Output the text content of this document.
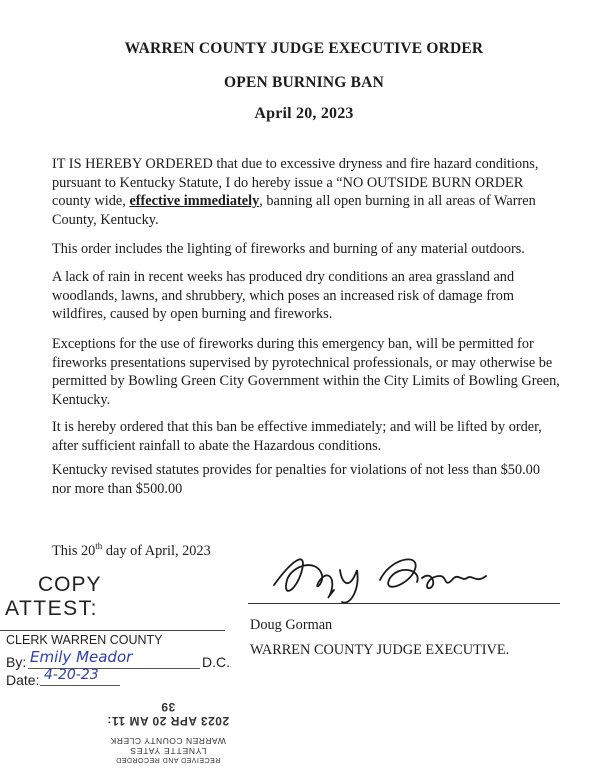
WARREN COUNTY JUDGE EXECUTIVE ORDER
OPEN BURNING BAN
April 20, 2023
IT IS HEREBY ORDERED that due to excessive dryness and fire hazard conditions, pursuant to Kentucky Statute, I do hereby issue a “NO OUTSIDE BURN ORDER county wide, effective immediately, banning all open burning in all areas of Warren County, Kentucky.
This order includes the lighting of fireworks and burning of any material outdoors.
A lack of rain in recent weeks has produced dry conditions an area grassland and woodlands, lawns, and shrubbery, which poses an increased risk of damage from wildfires, caused by open burning and fireworks.
Exceptions for the use of fireworks during this emergency ban, will be permitted for fireworks presentations supervised by pyrotechnical professionals, or may otherwise be permitted by Bowling Green City Government within the City Limits of Bowling Green, Kentucky.
It is hereby ordered that this ban be effective immediately; and will be lifted by order, after sufficient rainfall to abate the Hazardous conditions.
Kentucky revised statutes provides for penalties for violations of not less than $50.00 nor more than $500.00
This 20th day of April, 2023
Doug Gorman
WARREN COUNTY JUDGE EXECUTIVE.
COPY
ATTEST:
CLERK WARREN COUNTY
By: Emily Meador	D.C.
Date: 4-20-23
RECEIVED AND RECORDED
LYNETTE YATES
WARREN COUNTY CLERK
2023 APR 20 AM 11: 39
